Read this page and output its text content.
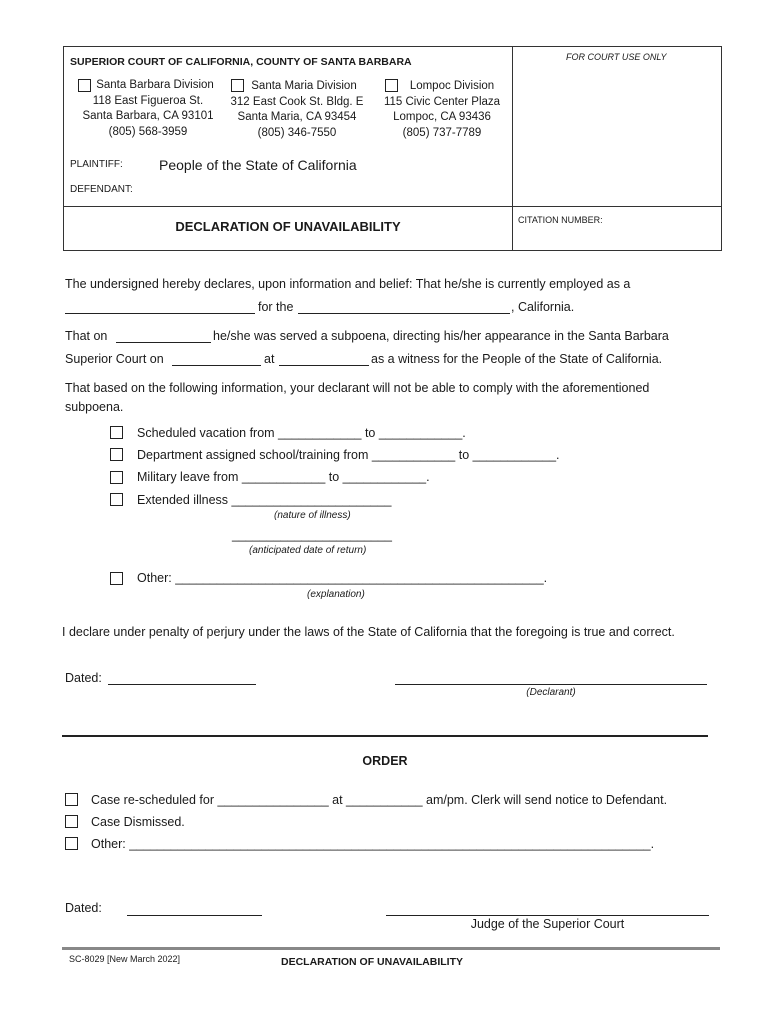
SUPERIOR COURT OF CALIFORNIA, COUNTY OF SANTA BARBARA	FOR COURT USE ONLY
Santa Barbara Division
118 East Figueroa St.
Santa Barbara, CA 93101
(805) 568-3959
Santa Maria Division
312 East Cook St. Bldg. E
Santa Maria, CA 93454
(805) 346-7550
Lompoc Division
115 Civic Center Plaza
Lompoc, CA 93436
(805) 737-7789
PLAINTIFF:	People of the State of California
DEFENDANT:
DECLARATION OF UNAVAILABILITY	CITATION NUMBER:
The undersigned hereby declares, upon information and belief: That he/she is currently employed as a
for the	, California.
That on	he/she was served a subpoena, directing his/her appearance in the Santa Barbara
Superior Court on	at	as a witness for the People of the State of California.
That based on the following information, your declarant will not be able to comply with the aforementioned
subpoena.
Scheduled vacation from ____________ to ____________.
Department assigned school/training from ____________ to ____________.
Military leave from ____________ to ____________.
Extended illness _______________________
(nature of illness)
_______________________
(anticipated date of return)
Other: _____________________________________________________.
(explanation)
I declare under penalty of perjury under the laws of the State of California that the foregoing is true and correct.
Dated:
(Declarant)
ORDER
Case re-scheduled for ________________ at ___________ am/pm. Clerk will send notice to Defendant.
Case Dismissed.
Other: ___________________________________________________________________________.
Dated:
Judge of the Superior Court
SC-8029 [New March 2022]	DECLARATION OF UNAVAILABILITY
